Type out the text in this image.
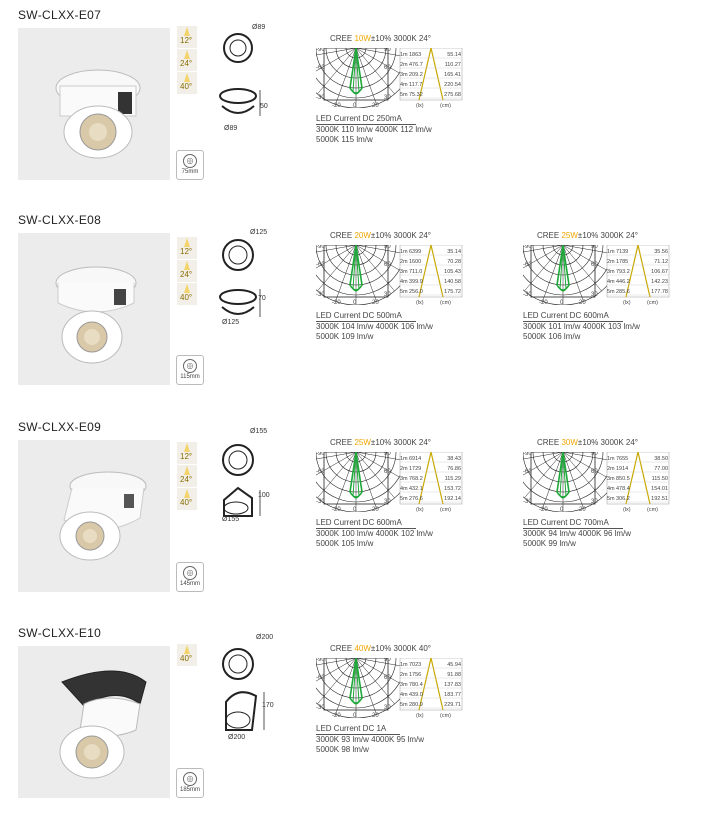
SW-CLXX-E07
12°
24°
40°
◎
75mm
Ø89
Ø89
50
CREE 10W±10% 3000K 24°
-90
-60
-30
90
60
30
-20 0	20
1m 1863	55.14
2m 476.7	110.27
3m 209.2	165.41
4m 117.7	220.54
5m 75.32	275.68
(lx)	(cm)
LED Current DC 250mA
3000K 110 lm/w 4000K 112 lm/w
5000K 115 lm/w
SW-CLXX-E08
12°
24°
40°
◎
115mm
Ø125
Ø125
70
CREE 20W±10% 3000K 24°
-90
-60
-30
90
60
30
-20 0	20
1m 6399	35.14
2m 1600	70.28
3m 711.0	105.43
4m 399.9	140.58
5m 256.0	175.72
(lx)	(cm)
LED Current DC 500mA
3000K 104 lm/w 4000K 106 lm/w
5000K 109 lm/w
CREE 25W±10% 3000K 24°
-90
-60
-30
90
60
30
-20 0	20
1m 7139	35.56
2m 1785	71.12
3m 793.2	106.67
4m 446.2	142.23
5m 285.6	177.78
(lx)	(cm)
LED Current DC 600mA
3000K 101 lm/w 4000K 103 lm/w
5000K 106 lm/w
SW-CLXX-E09
12°
24°
40°
◎
145mm
Ø155
Ø155
100
CREE 25W±10% 3000K 24°
-90
-60
-30
90
60
30
-20 0	20
1m 6914	38.43
2m 1729	76.86
3m 768.2	115.29
4m 432.1	153.72
5m 276.6	192.14
(lx)	(cm)
LED Current DC 600mA
3000K 100 lm/w 4000K 102 lm/w
5000K 105 lm/w
CREE 30W±10% 3000K 24°
-90
-60
-30
90
60
30
-20 0	20
1m 7655	38.50
2m 1914	77.00
3m 850.5	115.50
4m 478.4	154.01
5m 306.2	192.51
(lx)	(cm)
LED Current DC 700mA
3000K 94 lm/w 4000K 96 lm/w
5000K 99 lm/w
SW-CLXX-E10
40°
◎
185mm
Ø200
Ø200
170
CREE 40W±10% 3000K 40°
-90
-60
-30
90
60
30
-20 0	20
1m 7023	45.94
2m 1756	91.88
3m 780.4	137.83
4m 439.0	183.77
5m 280.9	229.71
(lx)	(cm)
LED Current DC 1A
3000K 93 lm/w 4000K 95 lm/w
5000K 98 lm/w
